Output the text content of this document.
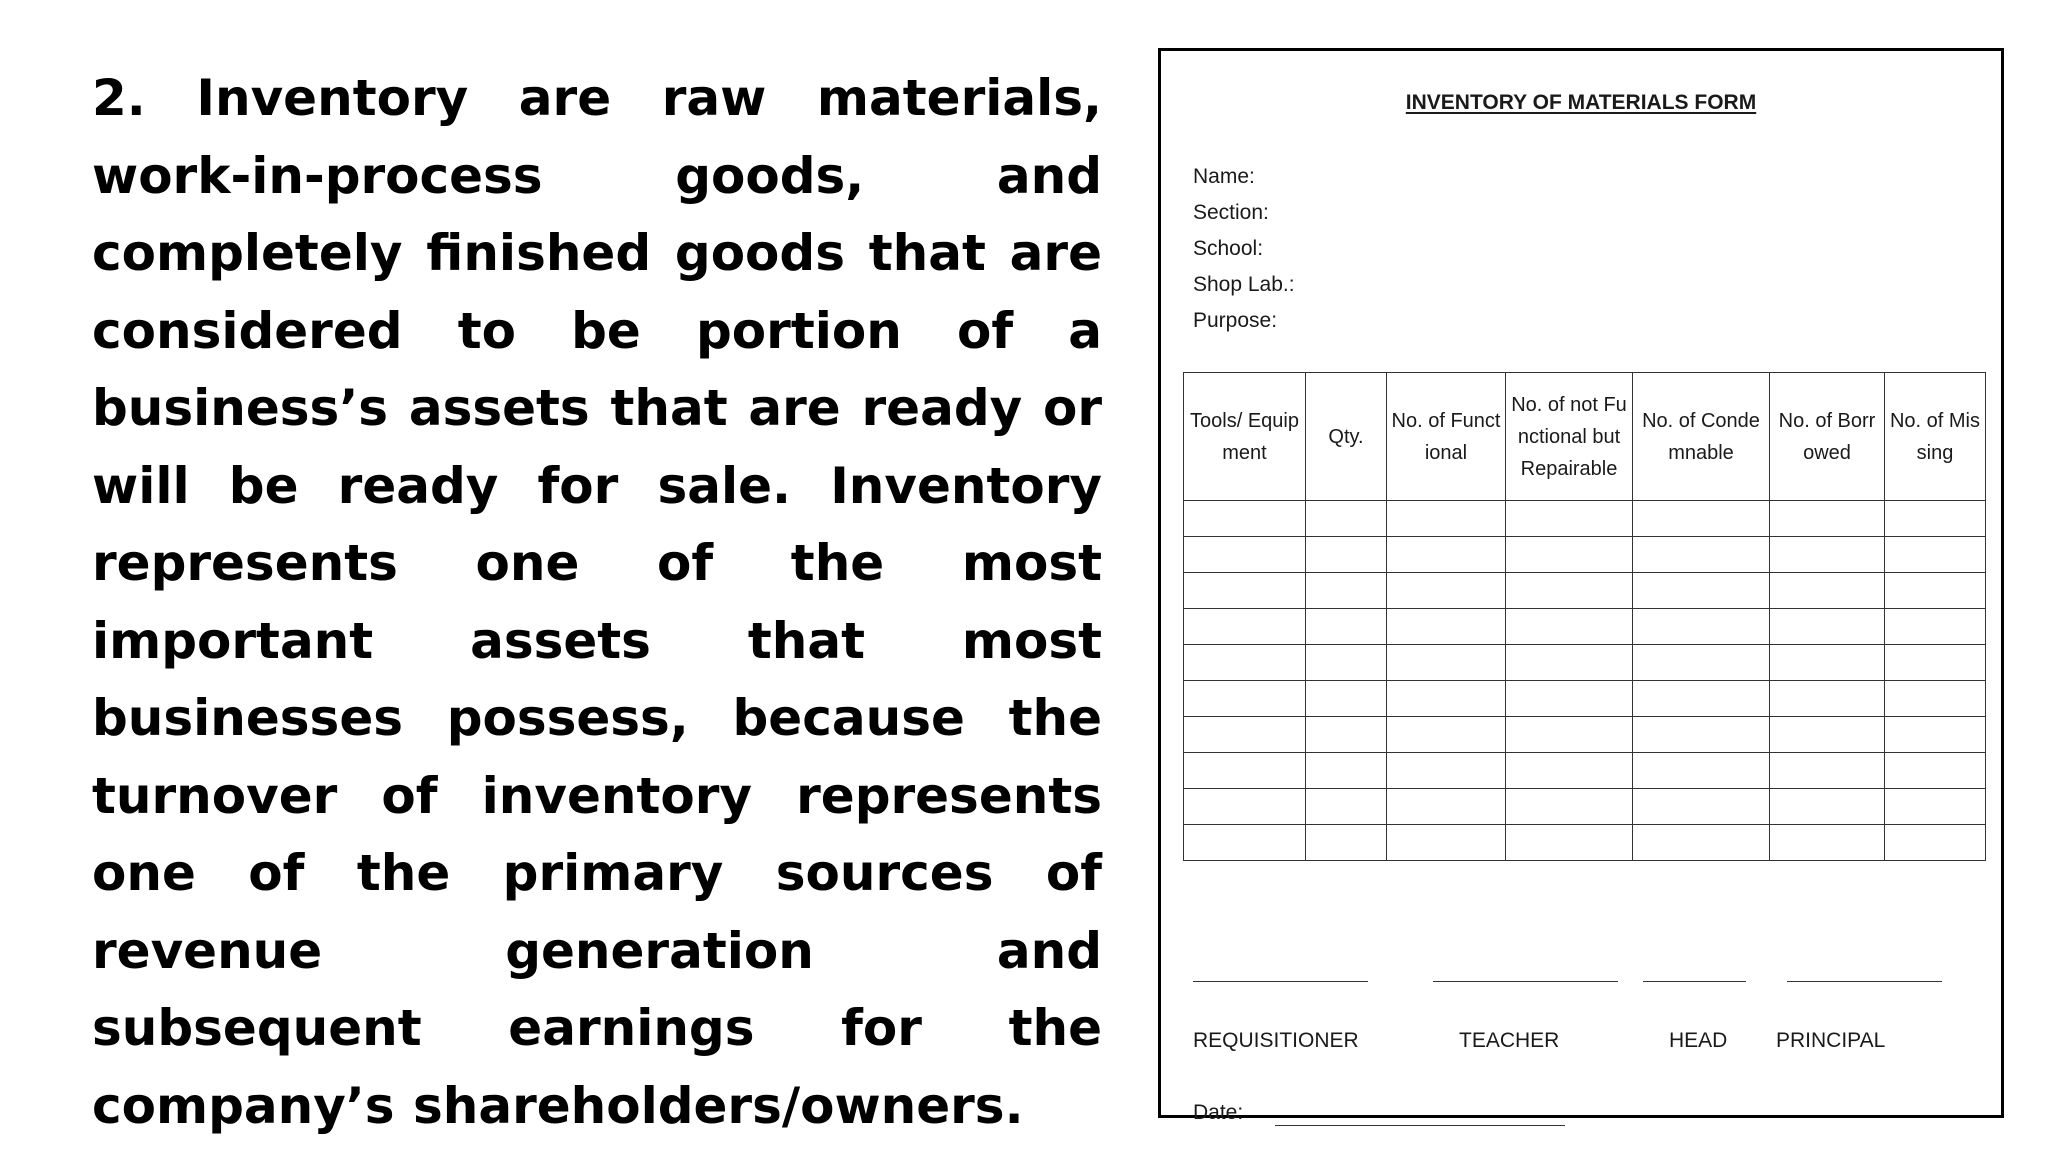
2. Inventory are raw materials, work-in-process goods, and completely finished goods that are considered to be portion of a business’s assets that are ready or will be ready for sale. Inventory represents one of the most important assets that most businesses possess, because the turnover of inventory represents one of the primary sources of revenue generation and subsequent earnings for the company’s shareholders/owners.

INVENTORY OF MATERIALS FORM
Name:
Section:
School:
Shop Lab.:
Purpose:
Tools/ Equipment	Qty.	No. of Functional	No. of not Functional but Repairable	No. of Condemnable	No. of Borrowed	No. of Missing

REQUISITIONER	TEACHER	HEAD PRINCIPAL
Date:
